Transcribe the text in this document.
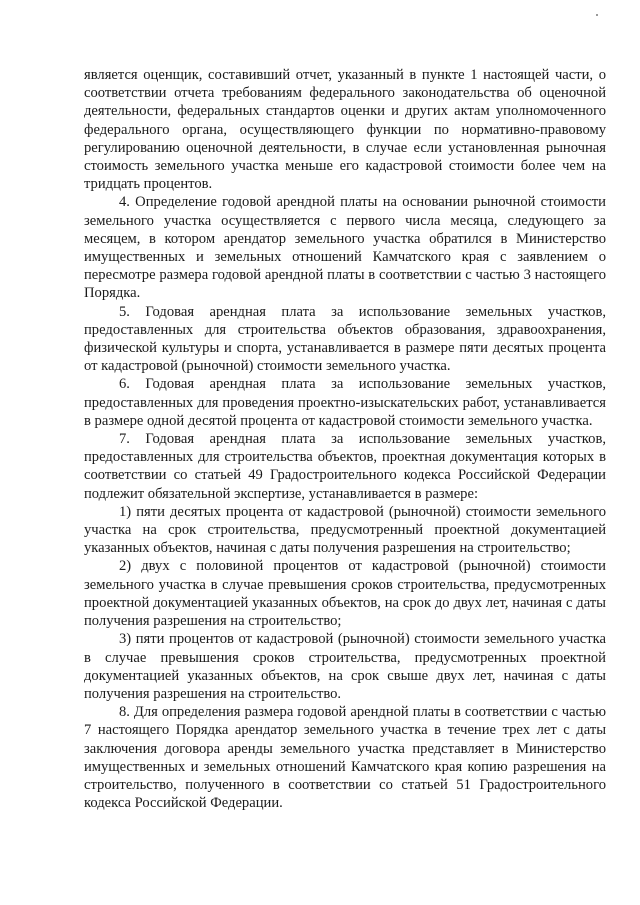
является оценщик, составивший отчет, указанный в пункте 1 настоящей части, о соответствии отчета требованиям федерального законодательства об оценочной деятельности, федеральных стандартов оценки и других актам уполномоченного федерального органа, осуществляющего функции по нормативно-правовому регулированию оценочной деятельности, в случае если установленная рыночная стоимость земельного участка меньше его кадастровой стоимости более чем на тридцать процентов.

4. Определение годовой арендной платы на основании рыночной стоимости земельного участка осуществляется с первого числа месяца, следующего за месяцем, в котором арендатор земельного участка обратился в Министерство имущественных и земельных отношений Камчатского края с заявлением о пересмотре размера годовой арендной платы в соответствии с частью 3 настоящего Порядка.

5. Годовая арендная плата за использование земельных участков, предоставленных для строительства объектов образования, здравоохранения, физической культуры и спорта, устанавливается в размере пяти десятых процента от кадастровой (рыночной) стоимости земельного участка.

6. Годовая арендная плата за использование земельных участков, предоставленных для проведения проектно-изыскательских работ, устанавливается в размере одной десятой процента от кадастровой стоимости земельного участка.

7. Годовая арендная плата за использование земельных участков, предоставленных для строительства объектов, проектная документация которых в соответствии со статьей 49 Градостроительного кодекса Российской Федерации подлежит обязательной экспертизе, устанавливается в размере:

1) пяти десятых процента от кадастровой (рыночной) стоимости земельного участка на срок строительства, предусмотренный проектной документацией указанных объектов, начиная с даты получения разрешения на строительство;

2) двух с половиной процентов от кадастровой (рыночной) стоимости земельного участка в случае превышения сроков строительства, предусмотренных проектной документацией указанных объектов, на срок до двух лет, начиная с даты получения разрешения на строительство;

3) пяти процентов от кадастровой (рыночной) стоимости земельного участка в случае превышения сроков строительства, предусмотренных проектной документацией указанных объектов, на срок свыше двух лет, начиная с даты получения разрешения на строительство.

8. Для определения размера годовой арендной платы в соответствии с частью 7 настоящего Порядка арендатор земельного участка в течение трех лет с даты заключения договора аренды земельного участка представляет в Министерство имущественных и земельных отношений Камчатского края копию разрешения на строительство, полученного в соответствии со статьей 51 Градостроительного кодекса Российской Федерации.
